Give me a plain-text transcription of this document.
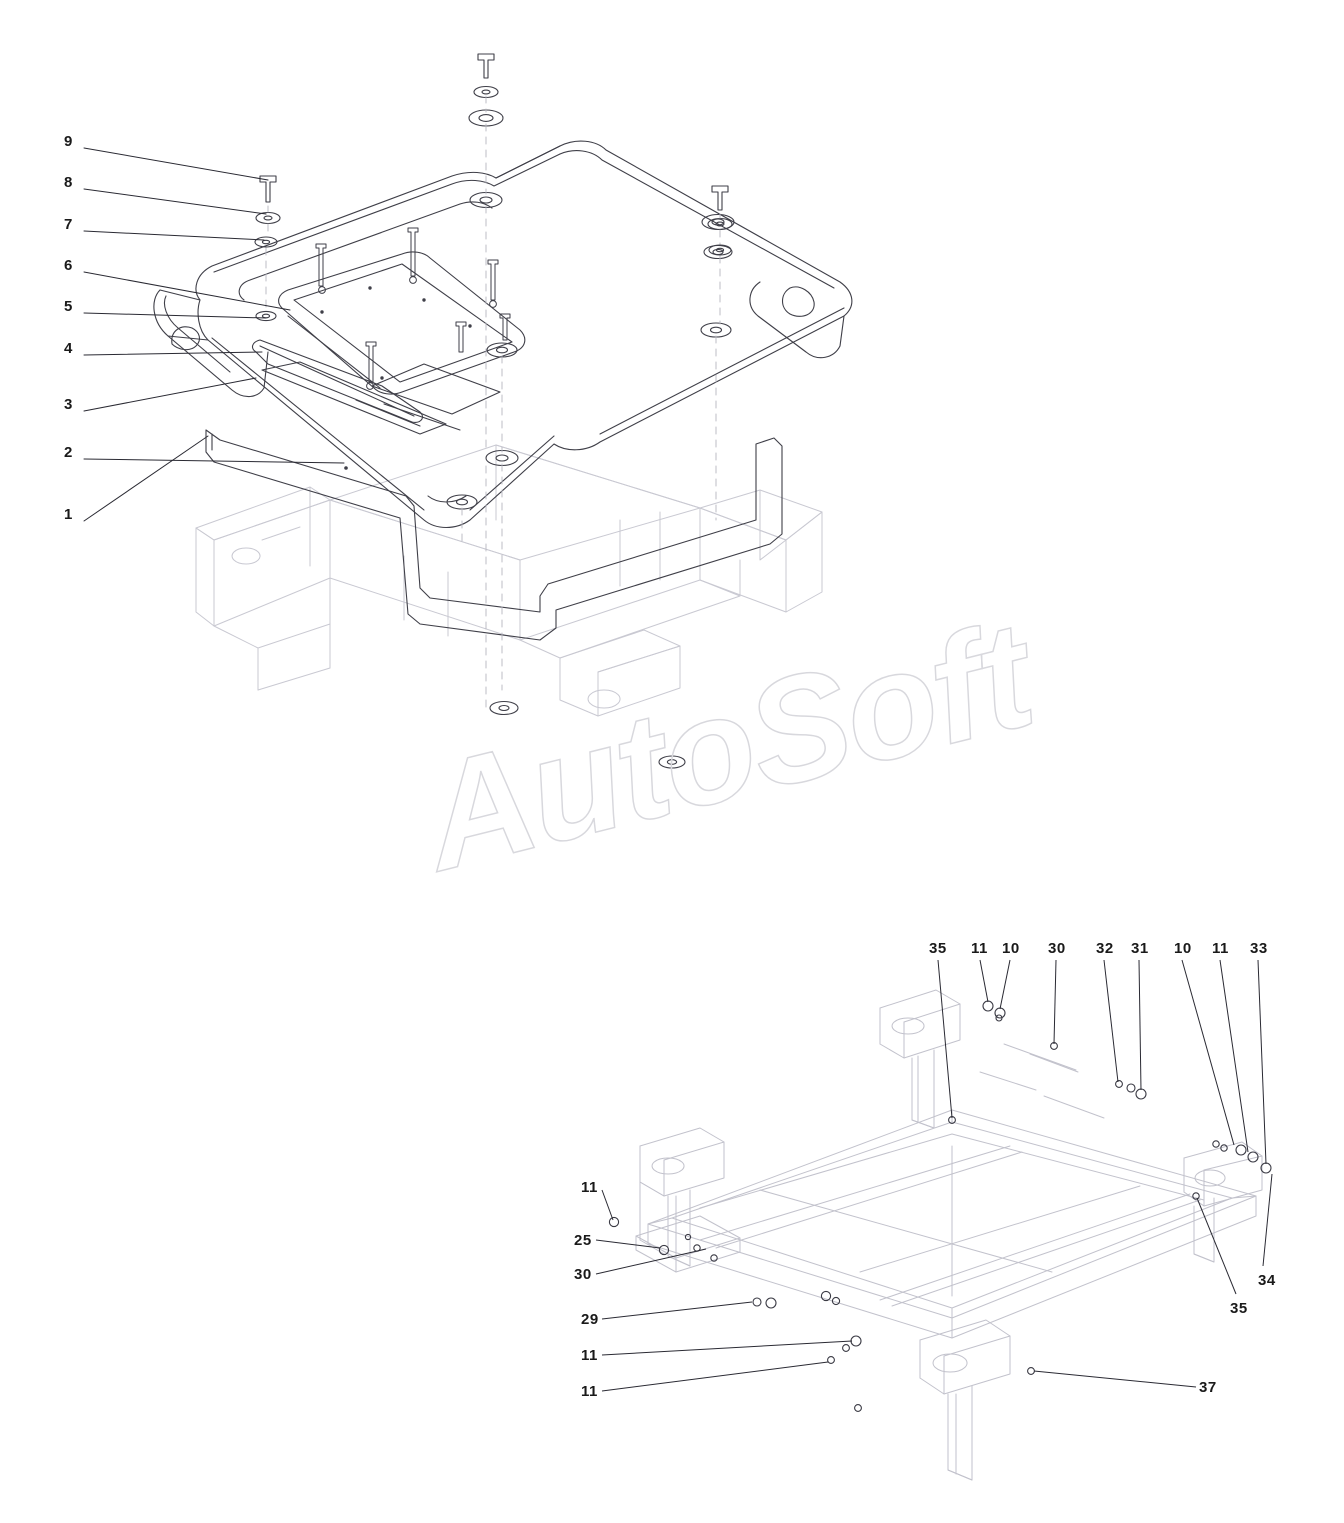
9
8
7
6
5
4
3
2
1
AutoSoft
35 11 10 30 32 31 10 11 33
34
35
11
25
30
29
11
11	37
